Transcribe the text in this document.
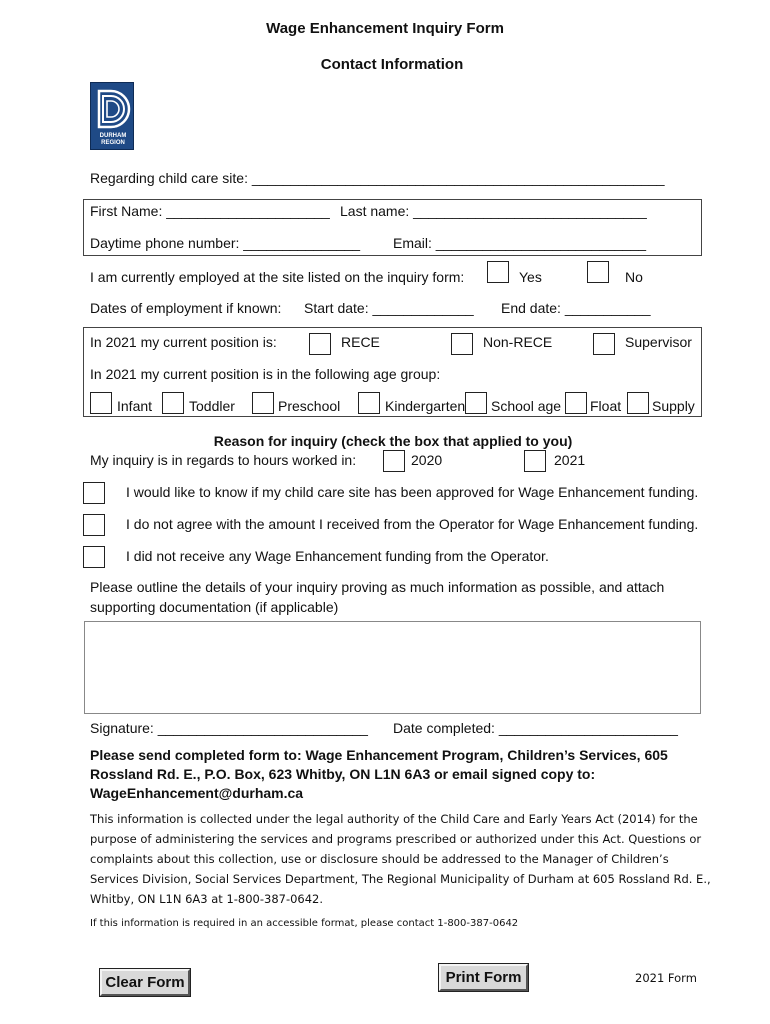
Wage Enhancement Inquiry Form
Contact Information
DURHAM
REGION
Regarding child care site: _____________________________________________________
First Name: _____________________ Last name: ______________________________
Daytime phone number: _______________ Email: ___________________________
I am currently employed at the site listed on the inquiry form:	Yes	No
Dates of employment if known: Start date: _____________ End date: ___________
In 2021 my current position is:	RECE	Non-RECE	Supervisor
In 2021 my current position is in the following age group:
Infant	Toddler	Preschool	Kindergarten School age Float Supply
Reason for inquiry (check the box that applied to you)
My inquiry is in regards to hours worked in:	2020	2021
I would like to know if my child care site has been approved for Wage Enhancement funding.
I do not agree with the amount I received from the Operator for Wage Enhancement funding.
I did not receive any Wage Enhancement funding from the Operator.
Please outline the details of your inquiry proving as much information as possible, and attach
supporting documentation (if applicable)
Signature: ___________________________ Date completed: _______________________
Please send completed form to: Wage Enhancement Program, Children’s Services, 605
Rossland Rd. E., P.O. Box, 623 Whitby, ON L1N 6A3 or email signed copy to:
WageEnhancement@durham.ca
This information is collected under the legal authority of the Child Care and Early Years Act (2014) for the
purpose of administering the services and programs prescribed or authorized under this Act. Questions or
complaints about this collection, use or disclosure should be addressed to the Manager of Children’s
Services Division, Social Services Department, The Regional Municipality of Durham at 605 Rossland Rd. E.,
Whitby, ON L1N 6A3 at 1-800-387-0642.
If this information is required in an accessible format, please contact 1-800-387-0642
Clear Form	Print Form	2021 Form
